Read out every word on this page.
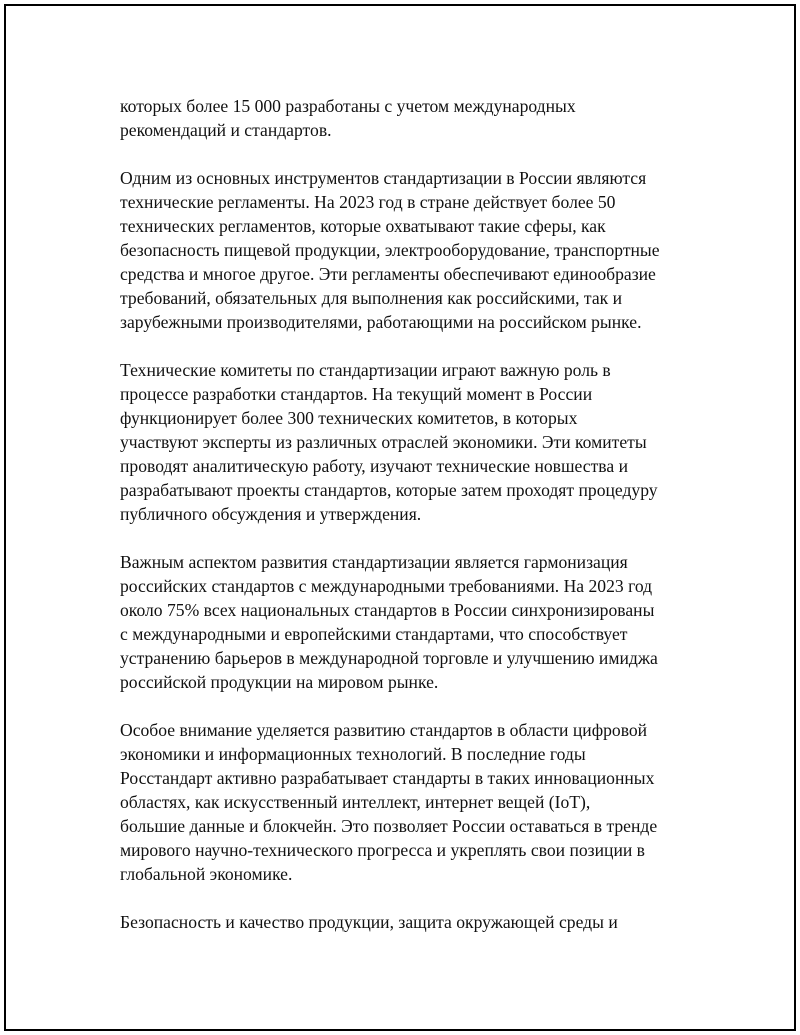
которых более 15 000 разработаны с учетом международных
рекомендаций и стандартов.

Одним из основных инструментов стандартизации в России являются
технические регламенты. На 2023 год в стране действует более 50
технических регламентов, которые охватывают такие сферы, как
безопасность пищевой продукции, электрооборудование, транспортные
средства и многое другое. Эти регламенты обеспечивают единообразие
требований, обязательных для выполнения как российскими, так и
зарубежными производителями, работающими на российском рынке.

Технические комитеты по стандартизации играют важную роль в
процессе разработки стандартов. На текущий момент в России
функционирует более 300 технических комитетов, в которых
участвуют эксперты из различных отраслей экономики. Эти комитеты
проводят аналитическую работу, изучают технические новшества и
разрабатывают проекты стандартов, которые затем проходят процедуру
публичного обсуждения и утверждения.

Важным аспектом развития стандартизации является гармонизация
российских стандартов с международными требованиями. На 2023 год
около 75% всех национальных стандартов в России синхронизированы
с международными и европейскими стандартами, что способствует
устранению барьеров в международной торговле и улучшению имиджа
российской продукции на мировом рынке.

Особое внимание уделяется развитию стандартов в области цифровой
экономики и информационных технологий. В последние годы
Росстандарт активно разрабатывает стандарты в таких инновационных
областях, как искусственный интеллект, интернет вещей (IoT),
большие данные и блокчейн. Это позволяет России оставаться в тренде
мирового научно-технического прогресса и укреплять свои позиции в
глобальной экономике.

Безопасность и качество продукции, защита окружающей среды и
